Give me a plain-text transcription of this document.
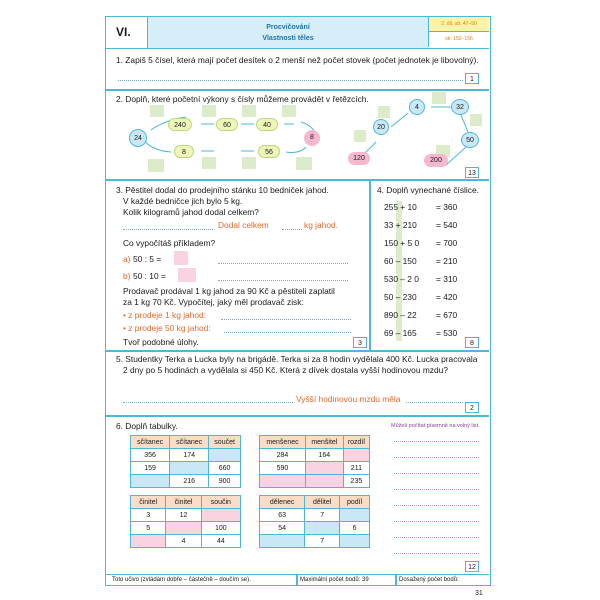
VI.	Procvičování
Vlastnosti těles
2. díl, str. 47–50
str. 152–156
1. Zapiš 5 čísel, která mají počet desítek o 2 menší než počet stovek (počet jednotek je libovolný).
1
2. Doplň, které početní výkony s čísly můžeme provádět v řetězcích.
24
240	60	40
8
56
8
120
20
4	32
50
200
13
3. Pěstitel dodal do prodejního stánku 10 bedniček jahod.
V každé bedničce jich bylo 5 kg.
Kolik kilogramů jahod dodal celkem?
Dodal celkem	kg jahod.
Co vypočítáš příkladem?
a) 50 : 5 =
b) 50 : 10 =
Prodavač prodával 1 kg jahod za 90 Kč a pěstiteli zaplatil
za 1 kg 70 Kč. Vypočítej, jaký měl prodavač zisk:
• z prodeje 1 kg jahod:
• z prodeje 50 kg jahod:
Tvoř podobné úlohy.	3
4. Doplň vynechané číslice.
255 + 10 = 360
33 + 210 = 540
150 + 5 0 = 700
60 – 150 = 210
530 – 2 0 = 310
50 – 230 = 420
890 – 22 = 670
69 – 165 = 530
8
5. Studentky Terka a Lucka byly na brigádě. Terka si za 8 hodin vydělala 400 Kč. Lucka pracovala
2 dny po 5 hodinách a vydělala si 450 Kč. Která z dívek dostala vyšší hodinovou mzdu?
Vyšší hodinovou mzdu měla
2
6. Doplň tabulky.	Můžeš počítat písemně na volný list.
sčítanec	sčítanec	součet
356	174	
159		660
	216	900
menšenec	menšitel	rozdíl
284	164	
590		211
		235
činitel	činitel	součin
3	12	
5		100
	4	44
dělenec	dělitel	podíl
63	7	
54		6
	7	
12
Toto učivo (zvládám dobře – částečně – doučím se).	Maximální počet bodů: 39	Dosažený počet bodů:
31
